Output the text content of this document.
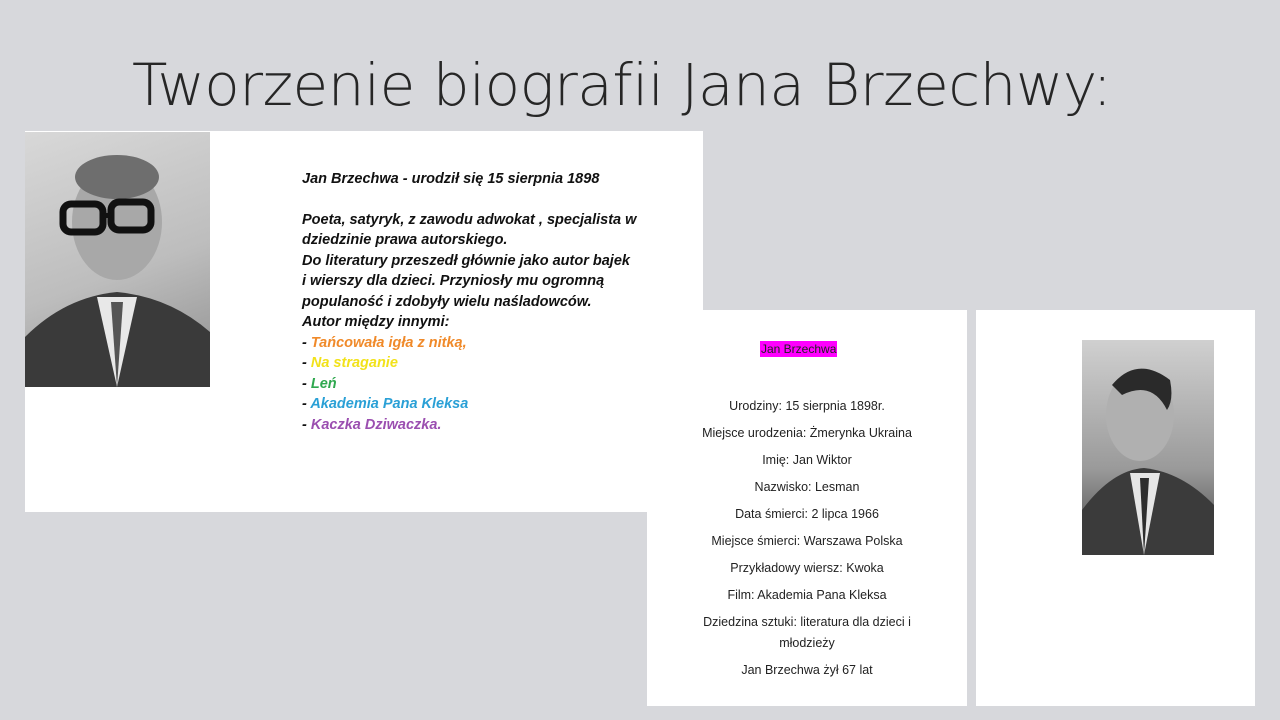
Tworzenie biografii Jana Brzechwy:

Jan Brzechwa - urodził się 15 sierpnia 1898

Poeta, satyryk, z zawodu adwokat , specjalista w

dziedzinie prawa autorskiego.

Do literatury przeszedł głównie jako autor bajek

i wierszy dla dzieci. Przyniosły mu ogromną

populaność i zdobyły wielu naśladowców.

Autor między innymi:

- Tańcowała igła z nitką,

- Na straganie

- Leń

- Akademia Pana Kleksa

- Kaczka Dziwaczka.

Jan Brzechwa
Urodziny: 15 sierpnia 1898r.
Miejsce urodzenia: Żmerynka Ukraina
Imię: Jan Wiktor
Nazwisko: Lesman
Data śmierci: 2 lipca 1966
Miejsce śmierci: Warszawa Polska
Przykładowy wiersz: Kwoka
Film: Akademia Pana Kleksa
Dziedzina sztuki: literatura dla dzieci i
młodzieży
Jan Brzechwa żył 67 lat
